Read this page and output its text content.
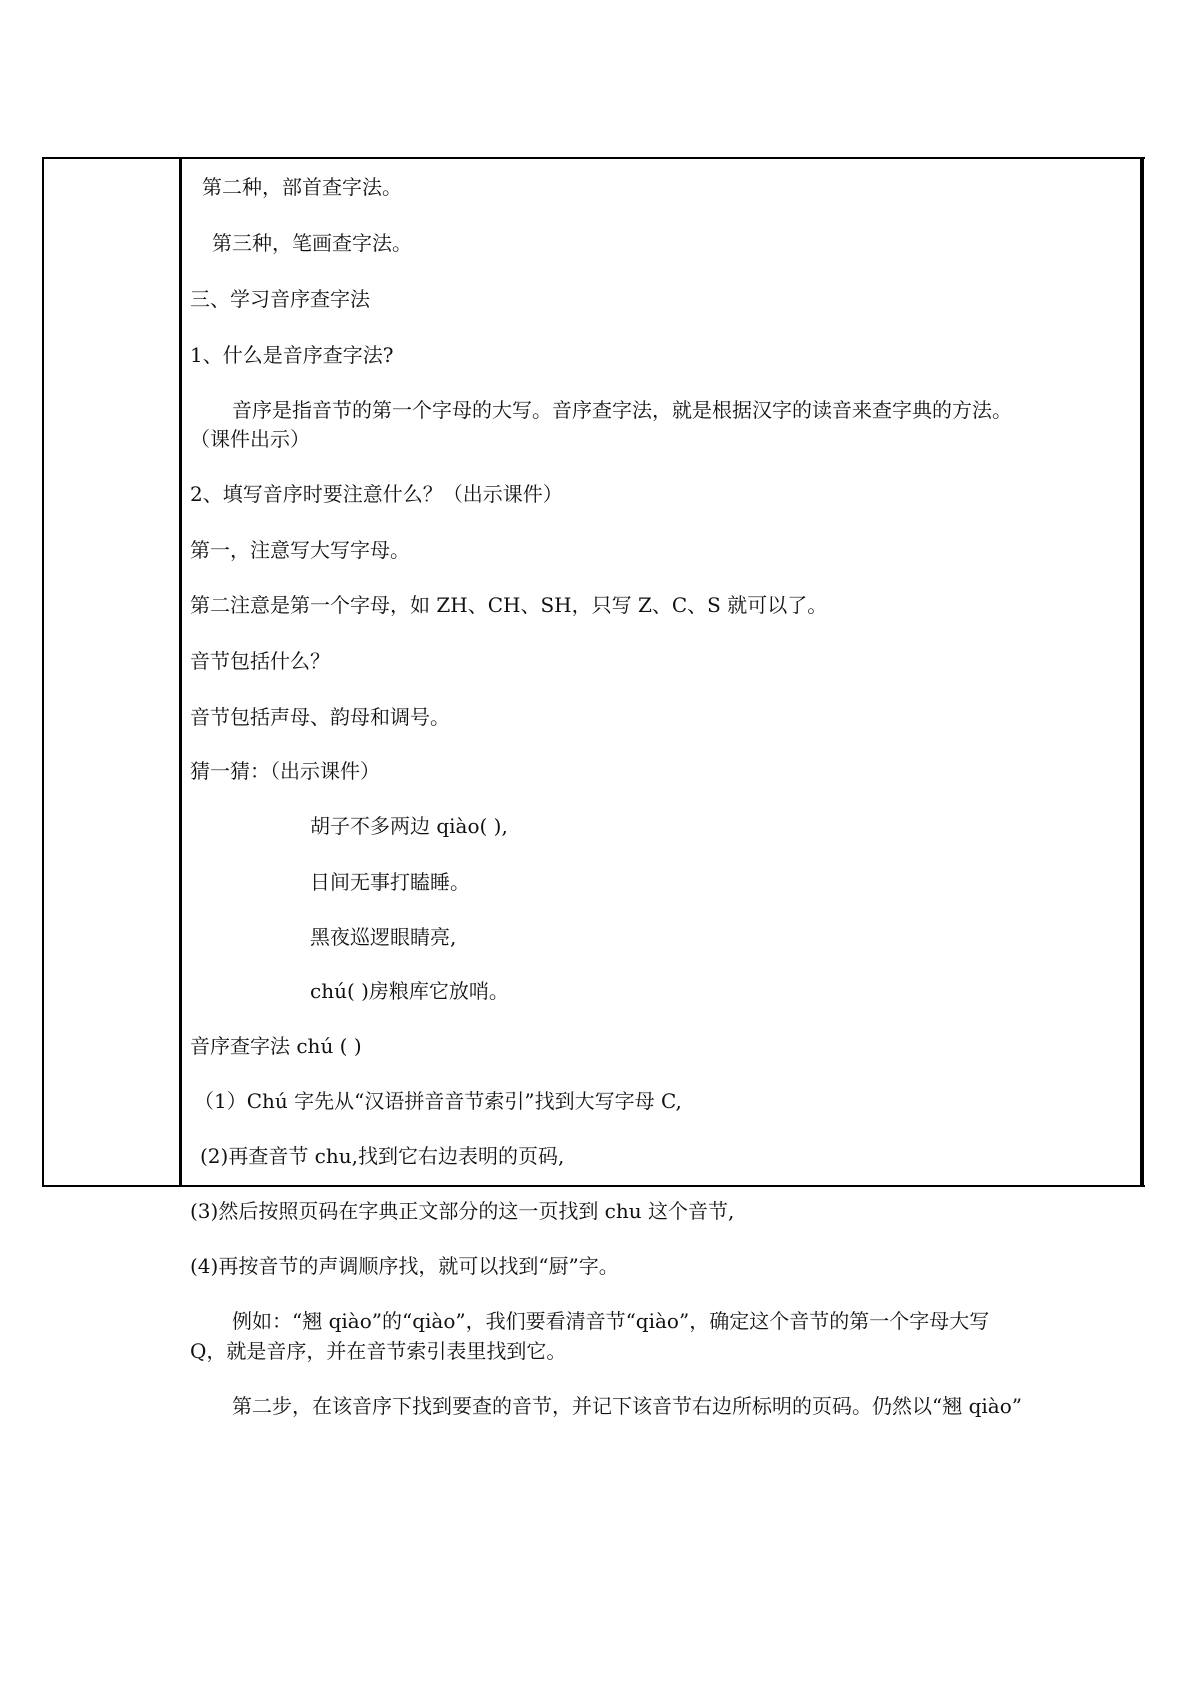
第二种，部首查字法。
第三种，笔画查字法。
三、学习音序查字法
1、什么是音序查字法?
音序是指音节的第一个字母的大写。音序查字法，就是根据汉字的读音来查字典的方法。
（课件出示）
2、填写音序时要注意什么？（出示课件）
第一，注意写大写字母。
第二注意是第一个字母，如 ZH、CH、SH，只写 Z、C、S 就可以了。
音节包括什么？
音节包括声母、韵母和调号。
猜一猜：（出示课件）
胡子不多两边 qiào( ),
日间无事打瞌睡。
黑夜巡逻眼睛亮,
chú( )房粮库它放哨。
音序查字法 chú ( )
（1）Chú 字先从“汉语拼音音节索引”找到大写字母 C,
(2)再查音节 chu,找到它右边表明的页码,
(3)然后按照页码在字典正文部分的这一页找到 chu 这个音节,
(4)再按音节的声调顺序找，就可以找到“厨”字。
例如：“翘 qiào”的“qiào”，我们要看清音节“qiào”，确定这个音节的第一个字母大写
Q，就是音序，并在音节索引表里找到它。
第二步，在该音序下找到要查的音节，并记下该音节右边所标明的页码。仍然以“翘 qiào”
